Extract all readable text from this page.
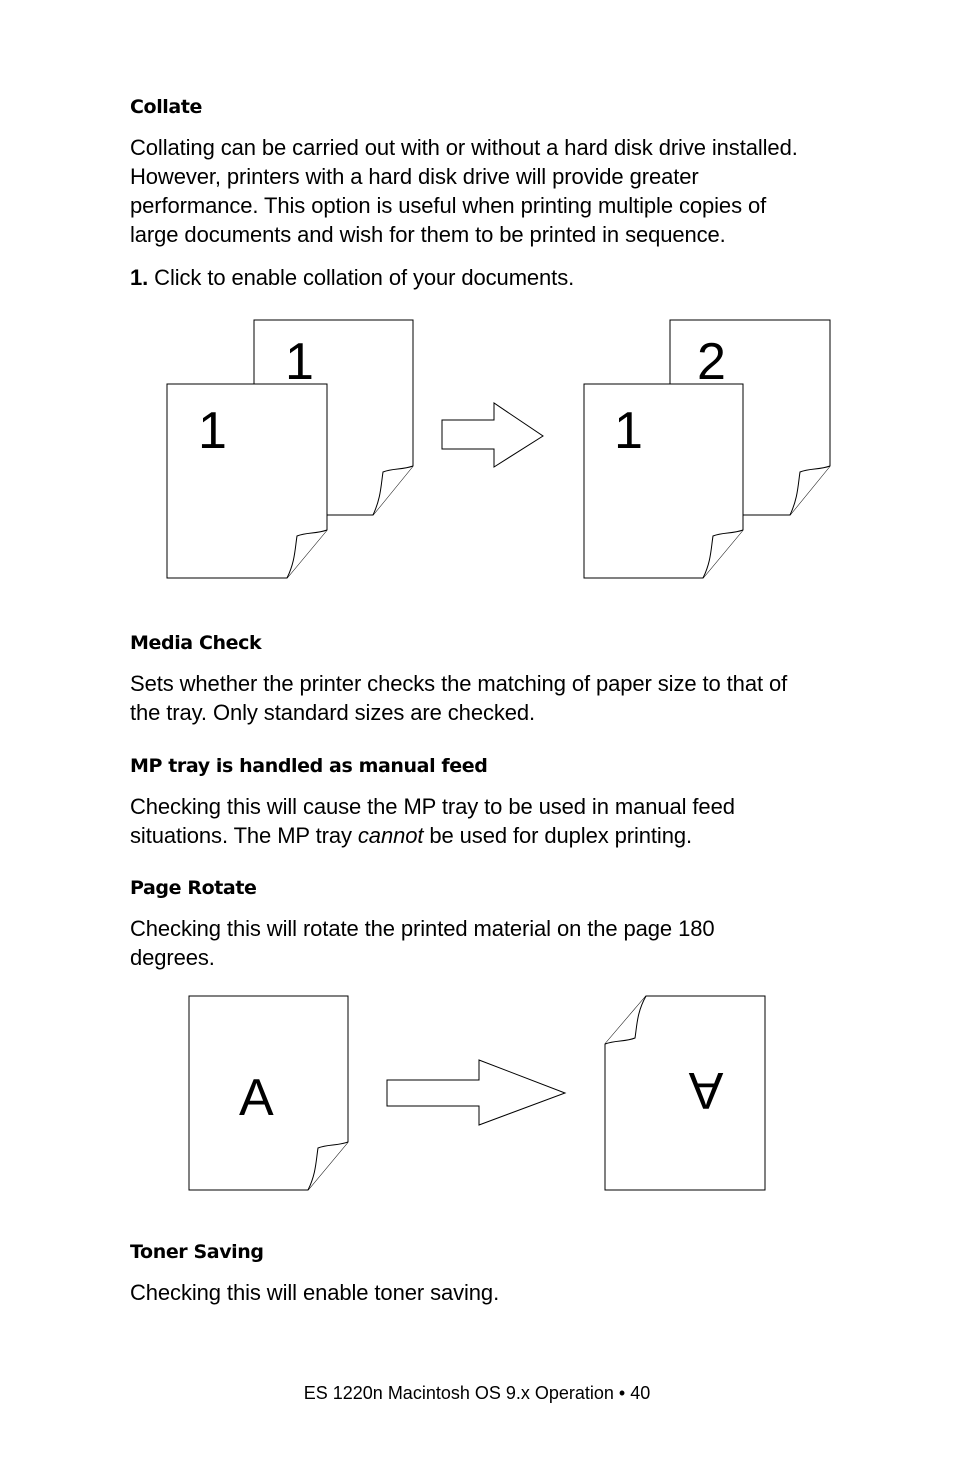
Collate
Collating can be carried out with or without a hard disk drive installed.
However, printers with a hard disk drive will provide greater
performance. This option is useful when printing multiple copies of
large documents and wish for them to be printed in sequence.
1. Click to enable collation of your documents.
1
1
2
1
Media Check
Sets whether the printer checks the matching of paper size to that of
the tray. Only standard sizes are checked.
MP tray is handled as manual feed
Checking this will cause the MP tray to be used in manual feed
situations. The MP tray cannot be used for duplex printing.
Page Rotate
Checking this will rotate the printed material on the page 180
degrees.
A	A
Toner Saving
Checking this will enable toner saving.
ES 1220n Macintosh OS 9.x Operation • 40
